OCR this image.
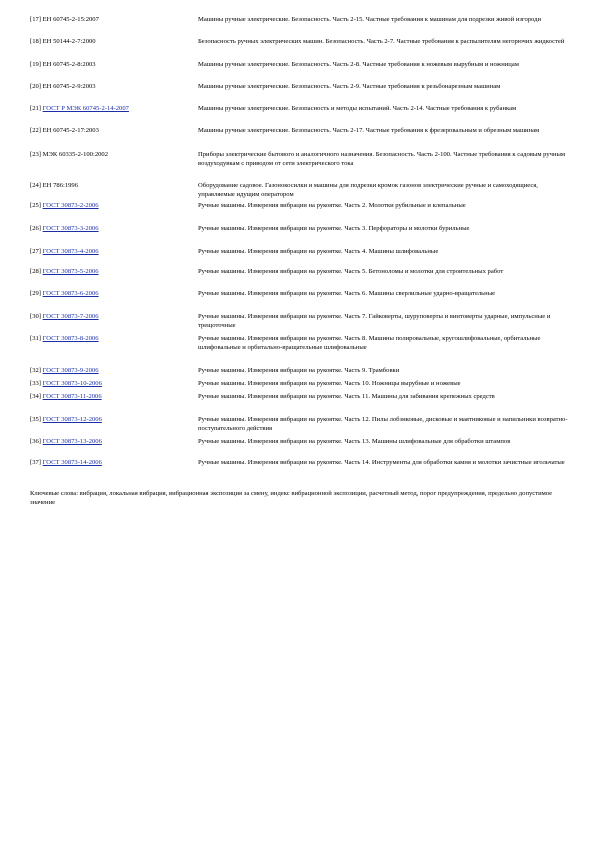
[17] EH 60745-2-15:2007	Машины ручные электрические. Безопасность. Часть 2-15. Частные требования к машинам для подрезки живой изгороди
[18] EH 50144-2-7:2000	Безопасность ручных электрических машин. Безопасность. Часть 2-7. Частные требования к распылителям негорючих жидкостей
[19] EH 60745-2-8:2003	Машины ручные электрические. Безопасность. Часть 2-8. Частные требования к ножевым вырубным и ножницам
[20] EH 60745-2-9:2003	Машины ручные электрические. Безопасность. Часть 2-9. Частные требования к резьбонарезным машинам
[21] ГОСТ Р МЭК 60745-2-14-2007	Машины ручные электрические. Безопасность и методы испытаний. Часть 2-14. Частные требования к рубанкам
[22] EH 60745-2-17:2003	Машины ручные электрические. Безопасность. Часть 2-17. Частные требования к фрезеровальным и обрезным машинам
[23] МЭК 60335-2-100:2002	Приборы электрические бытового и аналогичного назначения. Безопасность. Часть 2-100. Частные требования к садовым ручным воздуходувкам с приводом от сети электрического тока
[24] EH 786:1996	Оборудование садовое. Газонокосилки и машины для подрезки кромок газонов электрические ручные и самоходящиеся, управляемые идущим оператором
[25] ГОСТ 30873-2-2006	Ручные машины. Измерения вибрации на рукоятке. Часть 2. Молотки рубильные и клепальные
[26] ГОСТ 30873-3-2006	Ручные машины. Измерения вибрации на рукоятке. Часть 3. Перфораторы и молотки бурильные
[27] ГОСТ 30873-4-2006	Ручные машины. Измерения вибрации на рукоятке. Часть 4. Машины шлифовальные
[28] ГОСТ 30873-5-2006	Ручные машины. Измерения вибрации на рукоятке. Часть 5. Бетоноломы и молотки для строительных работ
[29] ГОСТ 30873-6-2006	Ручные машины. Измерения вибрации на рукоятке. Часть 6. Машины сверлильные ударно-вращательные
[30] ГОСТ 30873-7-2006	Ручные машины. Измерения вибрации на рукоятке. Часть 7. Гайковерты, шуруповерты и винтоверты ударные, импульсные и трещоточные
[31] ГОСТ 30873-8-2006	Ручные машины. Измерения вибрации на рукоятке. Часть 8. Машины полировальные, кругошлифовальные, орбитальные шлифовальные и орбитально-вращательные шлифовальные
[32] ГОСТ 30873-9-2006	Ручные машины. Измерения вибрации на рукоятке. Часть 9. Трамбовки
[33] ГОСТ 30873-10-2006	Ручные машины. Измерения вибрации на рукоятке. Часть 10. Ножницы вырубные и ножевые
[34] ГОСТ 30873-11-2006	Ручные машины. Измерения вибрации на рукоятке. Часть 11. Машины для забивания крепежных средств
[35] ГОСТ 30873-12-2006	Ручные машины. Измерения вибрации на рукоятке. Часть 12. Пилы лобзиковые, дисковые и маятниковые и напильники возвратно-поступательного действия
[36] ГОСТ 30873-13-2006	Ручные машины. Измерения вибрации на рукоятке. Часть 13. Машины шлифовальные для обработки штампов
[37] ГОСТ 30873-14-2006	Ручные машины. Измерения вибрации на рукоятке. Часть 14. Инструменты для обработки камня и молотки зачистные игольчатые
Ключевые слова: вибрация, локальная вибрация, вибрационная экспозиция за смену, индекс вибрационной экспозиции, расчетный метод, порог предупреждения, предельно допустимое значение
